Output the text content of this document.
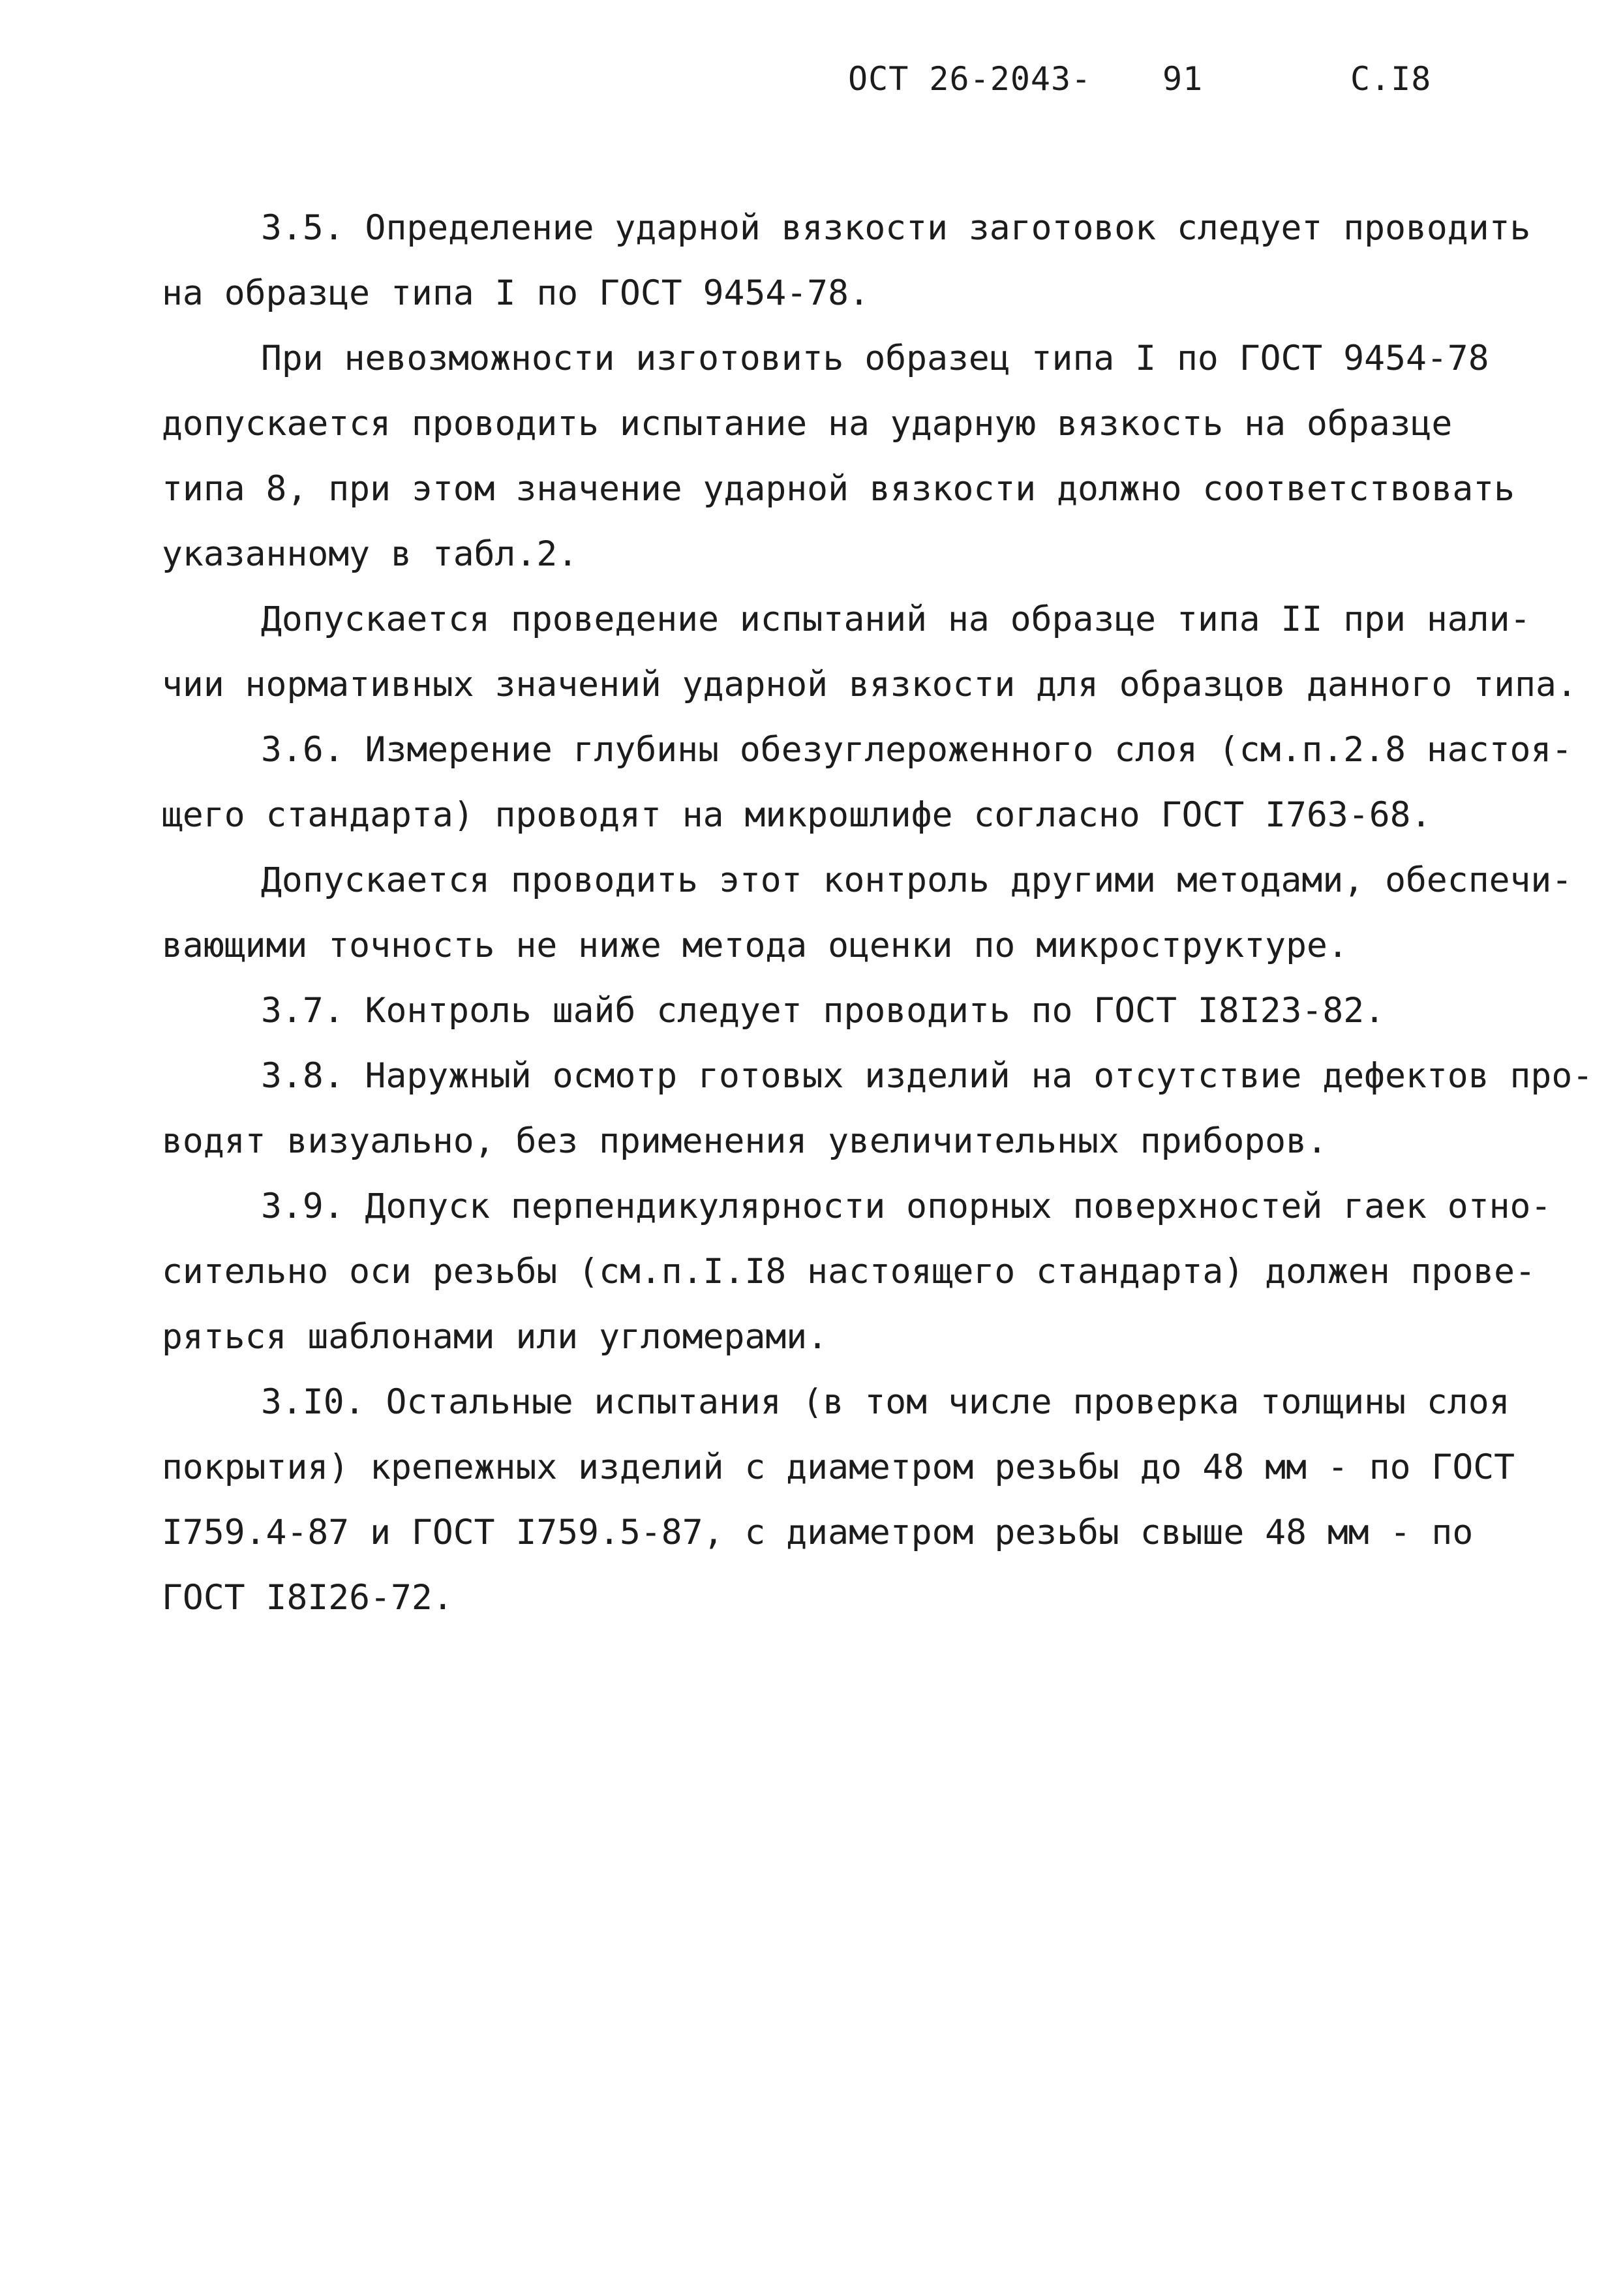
ОСТ 26-2043- 91	С.I8
3.5. Определение ударной вязкости заготовок следует проводить
на образце типа I по ГОСТ 9454-78.
При невозможности изготовить образец типа I по ГОСТ 9454-78
допускается проводить испытание на ударную вязкость на образце
типа 8, при этом значение ударной вязкости должно соответствовать
указанному в табл.2.
Допускается проведение испытаний на образце типа II при нали-
чии нормативных значений ударной вязкости для образцов данного типа.
3.6. Измерение глубины обезуглероженного слоя (см.п.2.8 настоя-
щего стандарта) проводят на микрошлифе согласно ГОСТ I763-68.
Допускается проводить этот контроль другими методами, обеспечи-
вающими точность не ниже метода оценки по микроструктуре.
3.7. Контроль шайб следует проводить по ГОСТ I8I23-82.
3.8. Наружный осмотр готовых изделий на отсутствие дефектов про-
водят визуально, без применения увеличительных приборов.
3.9. Допуск перпендикулярности опорных поверхностей гаек отно-
сительно оси резьбы (см.п.I.I8 настоящего стандарта) должен прове-
ряться шаблонами или угломерами.
3.I0. Остальные испытания (в том числе проверка толщины слоя
покрытия) крепежных изделий с диаметром резьбы до 48 мм - по ГОСТ
I759.4-87 и ГОСТ I759.5-87, с диаметром резьбы свыше 48 мм - по
ГОСТ I8I26-72.
